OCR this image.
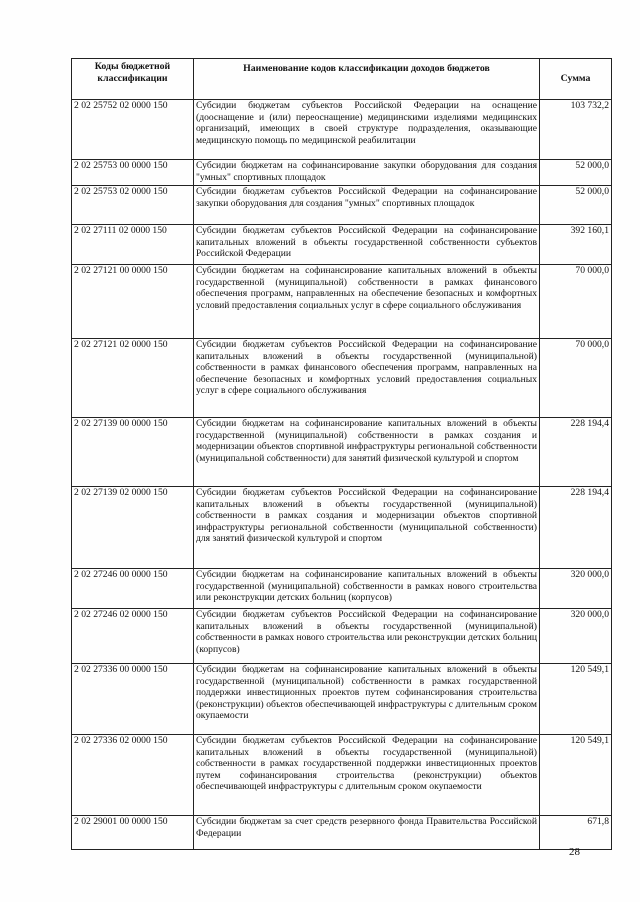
Коды бюджетной классификации	Наименование кодов классификации доходов бюджетов	Сумма
2 02 25752 02 0000 150	Субсидии бюджетам субъектов Российской Федерации на оснащение (дооснащение и (или) переоснащение) медицинскими изделиями медицинских организаций, имеющих в своей структуре подразделения, оказывающие медицинскую помощь по медицинской реабилитации	103 732,2
2 02 25753 00 0000 150	Субсидии бюджетам на софинансирование закупки оборудования для создания "умных" спортивных площадок	52 000,0
2 02 25753 02 0000 150	Субсидии бюджетам субъектов Российской Федерации на софинансирование закупки оборудования для создания "умных" спортивных площадок	52 000,0
2 02 27111 02 0000 150	Субсидии бюджетам субъектов Российской Федерации на софинансирование капитальных вложений в объекты государственной собственности субъектов Российской Федерации	392 160,1
2 02 27121 00 0000 150	Субсидии бюджетам на софинансирование капитальных вложений в объекты государственной (муниципальной) собственности в рамках финансового обеспечения программ, направленных на обеспечение безопасных и комфортных условий предоставления социальных услуг в сфере социального обслуживания	70 000,0
2 02 27121 02 0000 150	Субсидии бюджетам субъектов Российской Федерации на софинансирование капитальных вложений в объекты государственной (муниципальной) собственности в рамках финансового обеспечения программ, направленных на обеспечение безопасных и комфортных условий предоставления социальных услуг в сфере социального обслуживания	70 000,0
2 02 27139 00 0000 150	Субсидии бюджетам на софинансирование капитальных вложений в объекты государственной (муниципальной) собственности в рамках создания и модернизации объектов спортивной инфраструктуры региональной собственности (муниципальной собственности) для занятий физической культурой и спортом	228 194,4
2 02 27139 02 0000 150	Субсидии бюджетам субъектов Российской Федерации на софинансирование капитальных вложений в объекты государственной (муниципальной) собственности в рамках создания и модернизации объектов спортивной инфраструктуры региональной собственности (муниципальной собственности) для занятий физической культурой и спортом	228 194,4
2 02 27246 00 0000 150	Субсидии бюджетам на софинансирование капитальных вложений в объекты государственной (муниципальной) собственности в рамках нового строительства или реконструкции детских больниц (корпусов)	320 000,0
2 02 27246 02 0000 150	Субсидии бюджетам субъектов Российской Федерации на софинансирование капитальных вложений в объекты государственной (муниципальной) собственности в рамках нового строительства или реконструкции детских больниц (корпусов)	320 000,0
2 02 27336 00 0000 150	Субсидии бюджетам на софинансирование капитальных вложений в объекты государственной (муниципальной) собственности в рамках государственной поддержки инвестиционных проектов путем софинансирования строительства (реконструкции) объектов обеспечивающей инфраструктуры с длительным сроком окупаемости	120 549,1
2 02 27336 02 0000 150	Субсидии бюджетам субъектов Российской Федерации на софинансирование капитальных вложений в объекты государственной (муниципальной) собственности в рамках государственной поддержки инвестиционных проектов путем софинансирования строительства (реконструкции) объектов обеспечивающей инфраструктуры с длительным сроком окупаемости	120 549,1
2 02 29001 00 0000 150	Субсидии бюджетам за счет средств резервного фонда Правительства Российской Федерации	671,8
28
